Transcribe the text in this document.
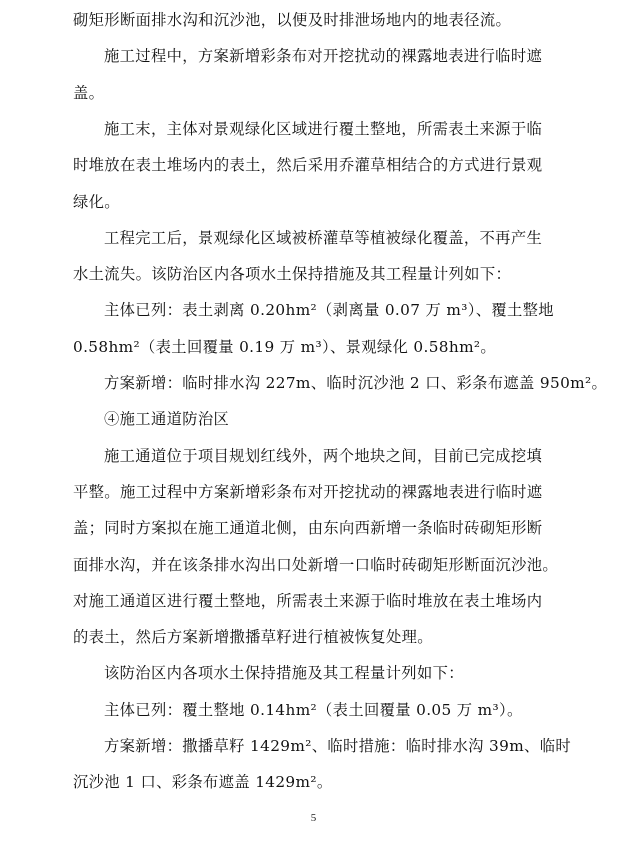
砌矩形断面排水沟和沉沙池，以便及时排泄场地内的地表径流。
施工过程中，方案新增彩条布对开挖扰动的裸露地表进行临时遮
盖。
施工末，主体对景观绿化区域进行覆土整地，所需表土来源于临
时堆放在表土堆场内的表土，然后采用乔灌草相结合的方式进行景观
绿化。
工程完工后，景观绿化区域被桥灌草等植被绿化覆盖，不再产生
水土流失。该防治区内各项水土保持措施及其工程量计列如下：
主体已列：表土剥离 0.20hm²（剥离量 0.07 万 m³）、覆土整地
0.58hm²（表土回覆量 0.19 万 m³）、景观绿化 0.58hm²。
方案新增：临时排水沟 227m、临时沉沙池 2 口、彩条布遮盖 950m²。
④施工通道防治区
施工通道位于项目规划红线外，两个地块之间，目前已完成挖填
平整。施工过程中方案新增彩条布对开挖扰动的裸露地表进行临时遮
盖；同时方案拟在施工通道北侧，由东向西新增一条临时砖砌矩形断
面排水沟，并在该条排水沟出口处新增一口临时砖砌矩形断面沉沙池。
对施工通道区进行覆土整地，所需表土来源于临时堆放在表土堆场内
的表土，然后方案新增撒播草籽进行植被恢复处理。
该防治区内各项水土保持措施及其工程量计列如下：
主体已列：覆土整地 0.14hm²（表土回覆量 0.05 万 m³）。
方案新增：撒播草籽 1429m²、临时措施：临时排水沟 39m、临时
沉沙池 1 口、彩条布遮盖 1429m²。
5
